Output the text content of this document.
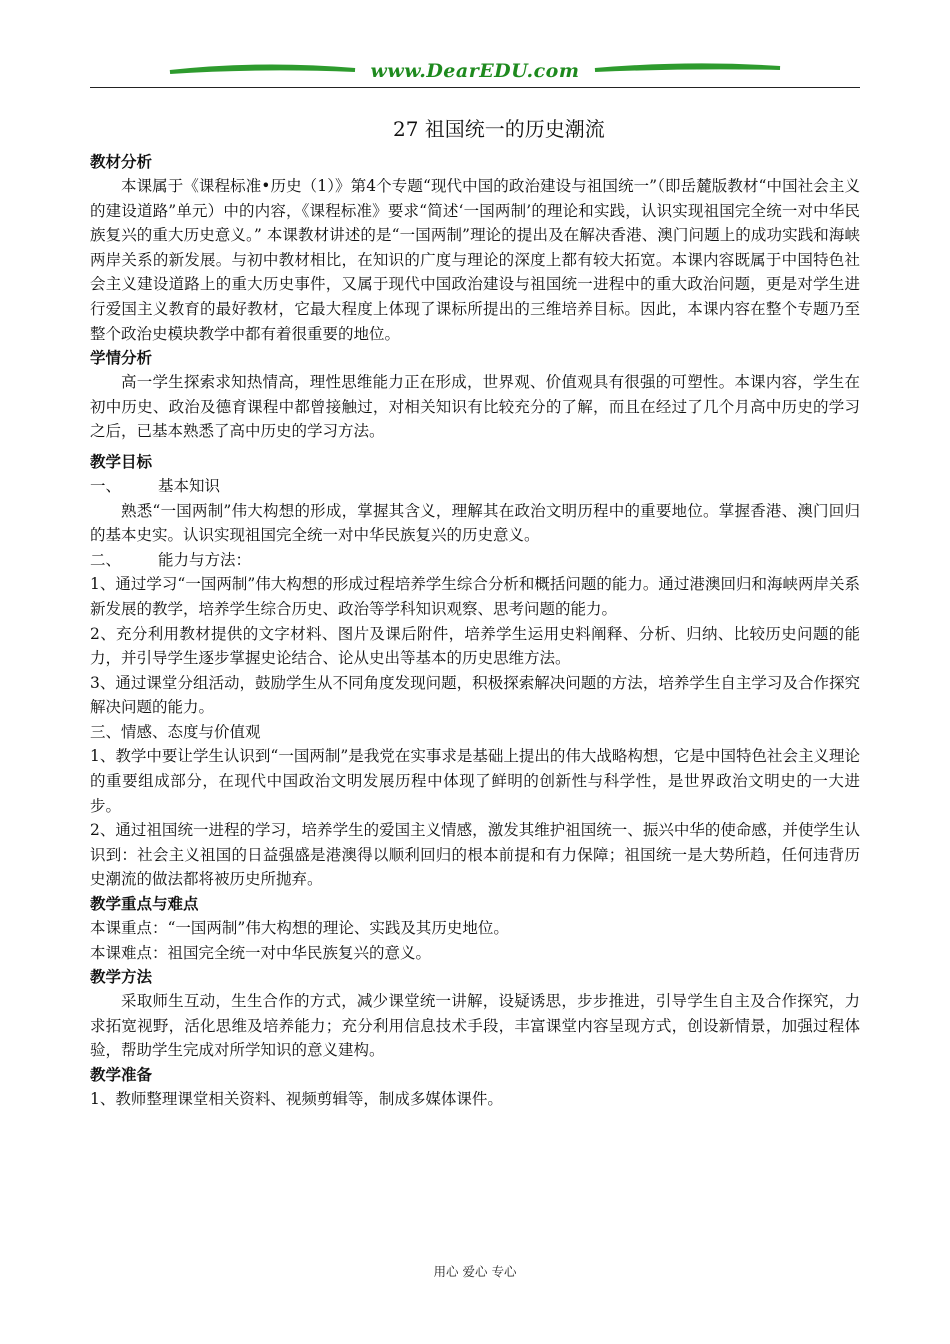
www.DearEDU.com
27 祖国统一的历史潮流
教材分析

本课属于《课程标准•历史（1）》第4个专题“现代中国的政治建设与祖国统一”（即岳麓版教材“中国社会主义的建设道路”单元）中的内容，《课程标准》要求“简述‘一国两制’的理论和实践，认识实现祖国完全统一对中华民族复兴的重大历史意义。” 本课教材讲述的是“一国两制”理论的提出及在解决香港、澳门问题上的成功实践和海峡两岸关系的新发展。与初中教材相比，在知识的广度与理论的深度上都有较大拓宽。本课内容既属于中国特色社会主义建设道路上的重大历史事件，又属于现代中国政治建设与祖国统一进程中的重大政治问题，更是对学生进行爱国主义教育的最好教材，它最大程度上体现了课标所提出的三维培养目标。因此，本课内容在整个专题乃至整个政治史模块教学中都有着很重要的地位。

学情分析

高一学生探索求知热情高，理性思维能力正在形成，世界观、价值观具有很强的可塑性。本课内容，学生在初中历史、政治及德育课程中都曾接触过，对相关知识有比较充分的了解，而且在经过了几个月高中历史的学习之后，已基本熟悉了高中历史的学习方法。

教学目标

一、 基本知识

熟悉“一国两制”伟大构想的形成，掌握其含义，理解其在政治文明历程中的重要地位。掌握香港、澳门回归的基本史实。认识实现祖国完全统一对中华民族复兴的历史意义。

二、 能力与方法：

1、通过学习“一国两制”伟大构想的形成过程培养学生综合分析和概括问题的能力。通过港澳回归和海峡两岸关系新发展的教学，培养学生综合历史、政治等学科知识观察、思考问题的能力。

2、充分利用教材提供的文字材料、图片及课后附件，培养学生运用史料阐释、分析、归纳、比较历史问题的能力，并引导学生逐步掌握史论结合、论从史出等基本的历史思维方法。

3、通过课堂分组活动，鼓励学生从不同角度发现问题，积极探索解决问题的方法，培养学生自主学习及合作探究解决问题的能力。

三、情感、态度与价值观

1、教学中要让学生认识到“一国两制”是我党在实事求是基础上提出的伟大战略构想，它是中国特色社会主义理论的重要组成部分，在现代中国政治文明发展历程中体现了鲜明的创新性与科学性，是世界政治文明史的一大进步。

2、通过祖国统一进程的学习，培养学生的爱国主义情感，激发其维护祖国统一、振兴中华的使命感，并使学生认识到：社会主义祖国的日益强盛是港澳得以顺利回归的根本前提和有力保障；祖国统一是大势所趋，任何违背历史潮流的做法都将被历史所抛弃。

教学重点与难点

本课重点：“一国两制”伟大构想的理论、实践及其历史地位。

本课难点：祖国完全统一对中华民族复兴的意义。

教学方法

采取师生互动，生生合作的方式，减少课堂统一讲解，设疑诱思，步步推进，引导学生自主及合作探究，力求拓宽视野，活化思维及培养能力；充分利用信息技术手段，丰富课堂内容呈现方式，创设新情景，加强过程体验，帮助学生完成对所学知识的意义建构。

教学准备

1、教师整理课堂相关资料、视频剪辑等，制成多媒体课件。

用心 爱心 专心
